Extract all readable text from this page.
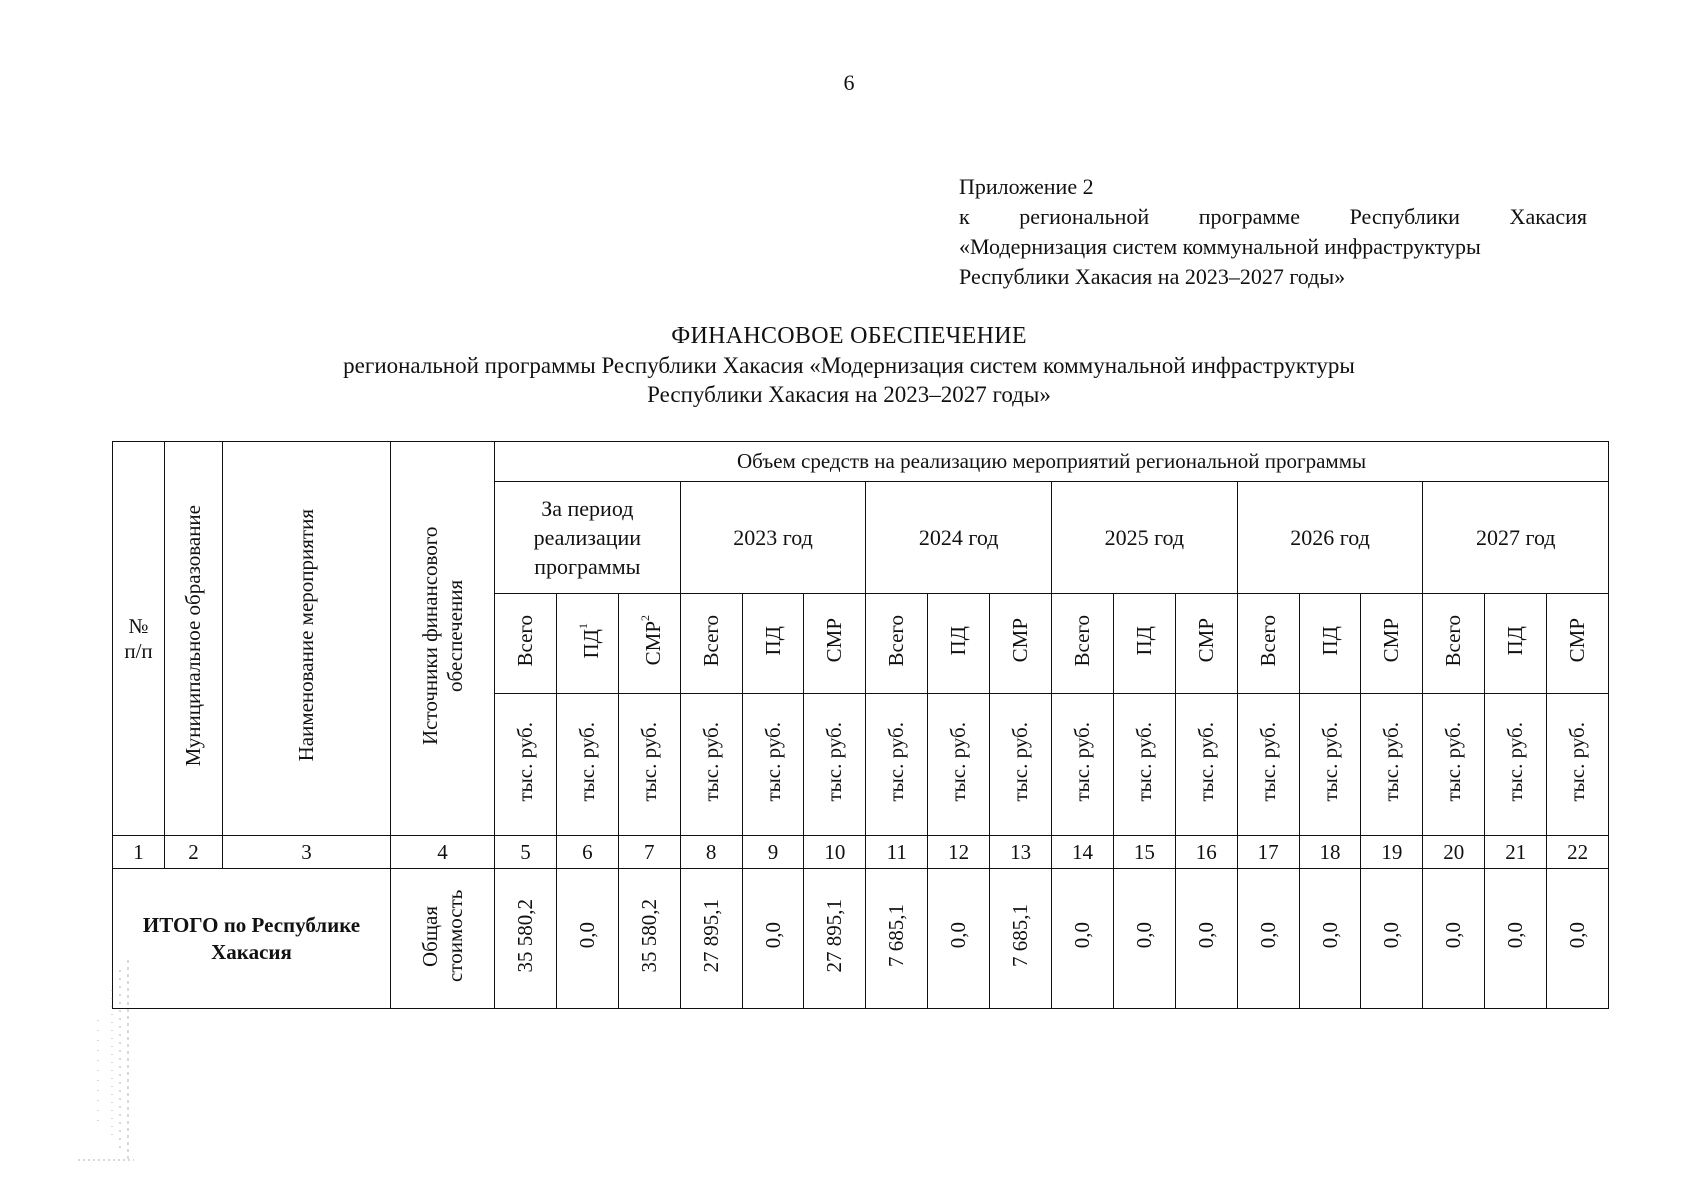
6
Приложение 2
к региональной программе Республики Хакасия
«Модернизация систем коммунальной инфраструктуры
Республики Хакасия на 2023–2027 годы»
ФИНАНСОВОЕ ОБЕСПЕЧЕНИЕ
региональной программы Республики Хакасия «Модернизация систем коммунальной инфраструктуры
Республики Хакасия на 2023–2027 годы»
№ п/п	Муниципальное образование	Наименование мероприятия	Источники финансового обеспечения	Объем средств на реализацию мероприятий региональной программы																	
				За период реализации программы			2023 год			2024 год			2025 год			2026 год			2027 год		
				Всего	$ПД^1$	СМР$^2$	Всего	ПД	СМР	Всего	ПД	СМР	Всего	ПД	СМР	Всего	ПД	СМР	Всего	ПД	СМР
				тыс. руб.	тыс. руб.	тыс. руб.	тыс. руб.	тыс. руб.	тыс. руб.	тыс. руб.	тыс. руб.	тыс. руб.	тыс. руб.	тыс. руб.	тыс. руб.	тыс. руб.	тыс. руб.	тыс. руб.	тыс. руб.	тыс. руб.	тыс. руб.
1	2	3	4	5	6	7	8	9	10	11	12	13	14	15	16	17	18	19	20	21	22
ИТОГО по Республике Хакасия			Общая стоимость	35 580,2	0,0	35 580,2	27 895,1	0,0	27 895,1	7 685,1	0,0	7 685,1	0,0	0,0	0,0	0,0	0,0	0,0	0,0	0,0	0,0
